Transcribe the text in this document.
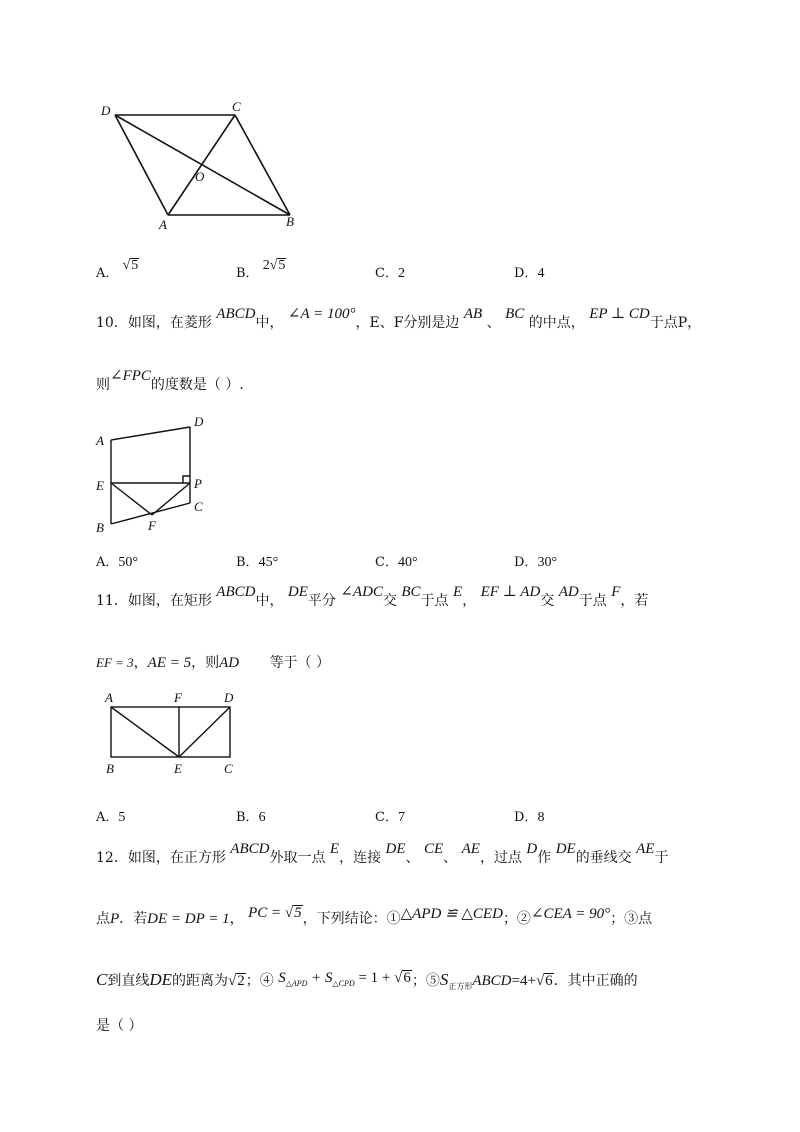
D	C
O
A	B
A． √5
B． 2√5
C．2	D．4
10．如图，在菱形 ABCD中， ∠A = 100°，E、F分别是边 AB 、 BC 的中点， EP ⊥ CD于点P，
则∠FPC的度数是（ ）.
A
D
E	P
C
F
B
A．50°	B．45°	C．40°	D．30°
11．如图，在矩形 ABCD中， DE平分 ∠ADC交 BC于点 E， EF ⊥ AD交 AD于点 F，若
EF = 3，AE = 5，则AD 等于（ ）
A	F	D
B	E	C
A．5	B．6	C．7	D．8
12．如图，在正方形 ABCD外取一点 E，连接 DE、 CE、 AE，过点 D作 DE的垂线交 AE于
点P．若DE = DP = 1， PC = √5，下列结论：①△APD ≌ △CED；②∠CEA = 90°；③点
C到直线DE的距离为√2；④ $S_{\triangle APD} + S_{\triangle CPD} = 1 + √6$；$⑤S_{正方形}ABCD=4+√6$．其中正确的
是（ ）
